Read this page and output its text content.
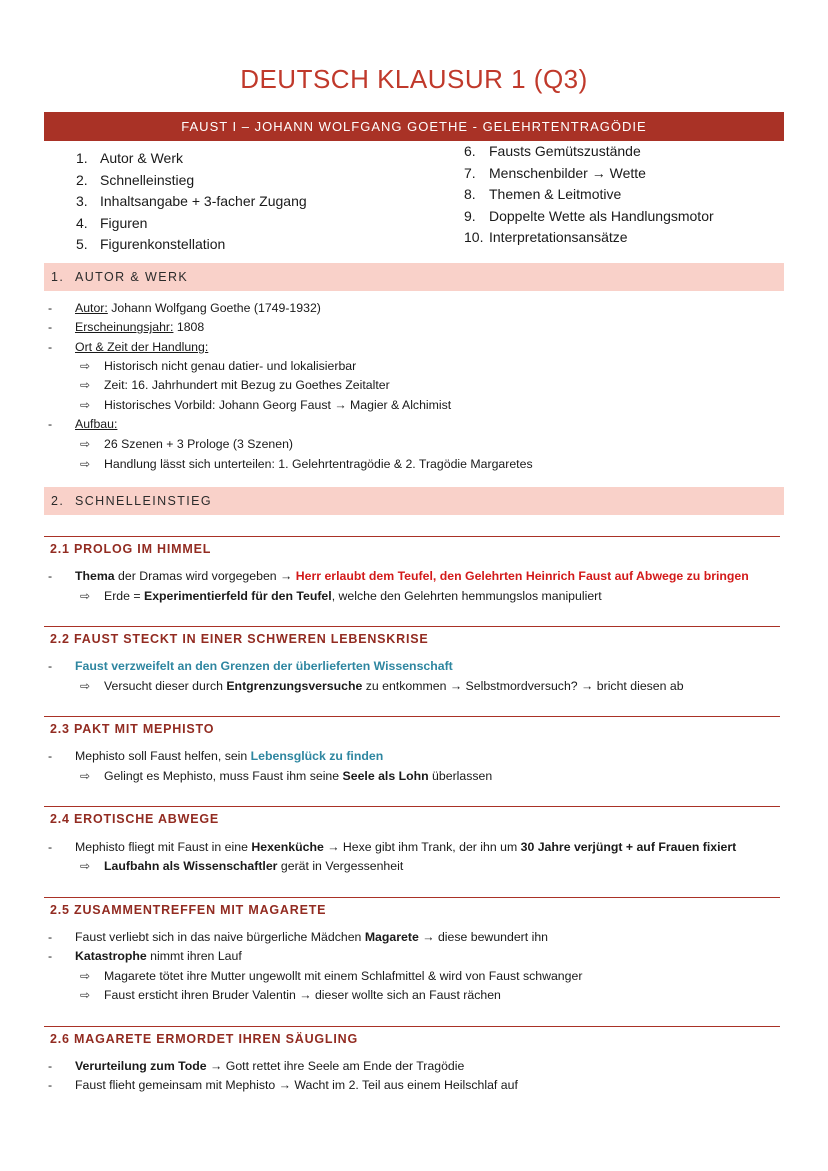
DEUTSCH KLAUSUR 1 (Q3)
FAUST I – JOHANN WOLFGANG GOETHE - GELEHRTENTRAGÖDIE
1. Autor & Werk
2. Schnelleinstieg
3. Inhaltsangabe + 3-facher Zugang
4. Figuren
5. Figurenkonstellation
6. Fausts Gemütszustände
7. Menschenbilder → Wette
8. Themen & Leitmotive
9. Doppelte Wette als Handlungsmotor
10. Interpretationsansätze
1. AUTOR & WERK
- Autor: Johann Wolfgang Goethe (1749-1932)
- Erscheinungsjahr: 1808
- Ort & Zeit der Handlung:
⇨ Historisch nicht genau datier- und lokalisierbar
⇨ Zeit: 16. Jahrhundert mit Bezug zu Goethes Zeitalter
⇨ Historisches Vorbild: Johann Georg Faust → Magier & Alchimist
- Aufbau:
⇨ 26 Szenen + 3 Prologe (3 Szenen)
⇨ Handlung lässt sich unterteilen: 1. Gelehrtentragödie & 2. Tragödie Margaretes
2. SCHNELLEINSTIEG
2.1 PROLOG IM HIMMEL
- Thema der Dramas wird vorgegeben → Herr erlaubt dem Teufel, den Gelehrten Heinrich Faust auf Abwege zu bringen
⇨ Erde = Experimentierfeld für den Teufel, welche den Gelehrten hemmungslos manipuliert
2.2 FAUST STECKT IN EINER SCHWEREN LEBENSKRISE
- Faust verzweifelt an den Grenzen der überlieferten Wissenschaft
⇨ Versucht dieser durch Entgrenzungsversuche zu entkommen → Selbstmordversuch? → bricht diesen ab
2.3 PAKT MIT MEPHISTO
- Mephisto soll Faust helfen, sein Lebensglück zu finden
⇨ Gelingt es Mephisto, muss Faust ihm seine Seele als Lohn überlassen
2.4 EROTISCHE ABWEGE
- Mephisto fliegt mit Faust in eine Hexenküche → Hexe gibt ihm Trank, der ihn um 30 Jahre verjüngt + auf Frauen fixiert
⇨ Laufbahn als Wissenschaftler gerät in Vergessenheit
2.5 ZUSAMMENTREFFEN MIT MAGARETE
- Faust verliebt sich in das naive bürgerliche Mädchen Magarete → diese bewundert ihn
- Katastrophe nimmt ihren Lauf
⇨ Magarete tötet ihre Mutter ungewollt mit einem Schlafmittel & wird von Faust schwanger
⇨ Faust ersticht ihren Bruder Valentin → dieser wollte sich an Faust rächen
2.6 MAGARETE ERMORDET IHREN SÄUGLING
- Verurteilung zum Tode → Gott rettet ihre Seele am Ende der Tragödie
- Faust flieht gemeinsam mit Mephisto → Wacht im 2. Teil aus einem Heilschlaf auf
